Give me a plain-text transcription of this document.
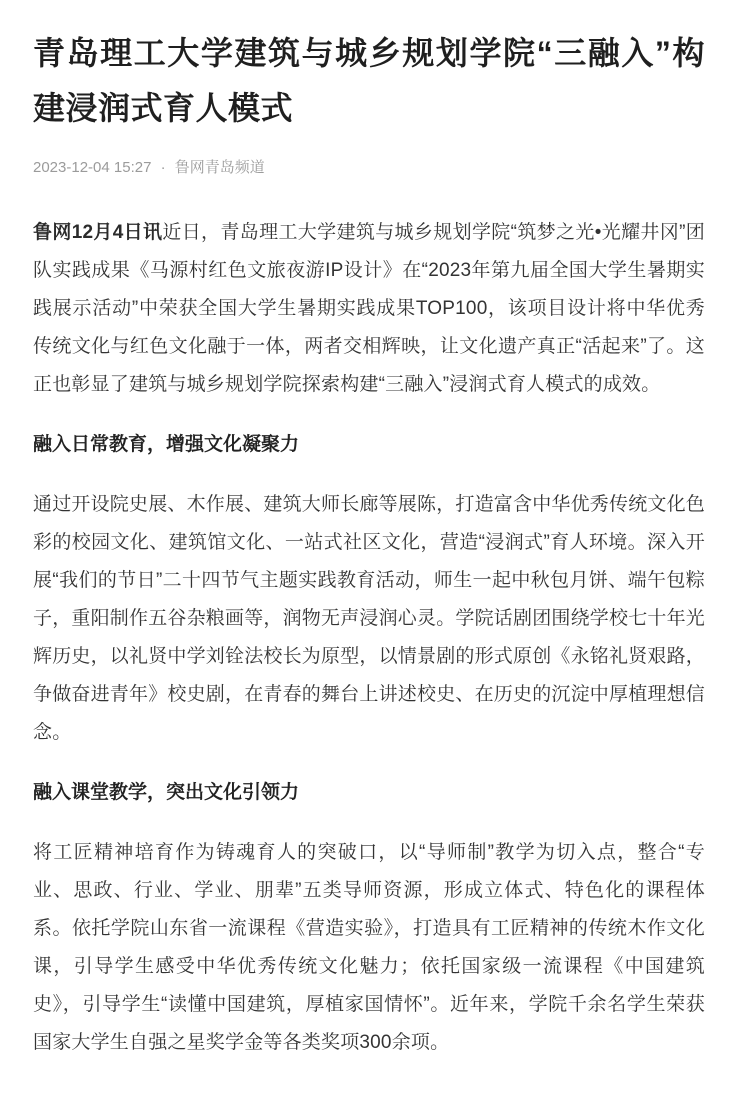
青岛理工大学建筑与城乡规划学院“三融入”构建浸润式育人模式
2023-12-04 15:27 · 鲁网青岛频道

鲁网12月4日讯近日，青岛理工大学建筑与城乡规划学院“筑梦之光•光耀井冈”团队实践成果《马源村红色文旅夜游IP设计》在“2023年第九届全国大学生暑期实践展示活动”中荣获全国大学生暑期实践成果TOP100，该项目设计将中华优秀传统文化与红色文化融于一体，两者交相辉映，让文化遗产真正“活起来”了。这正也彰显了建筑与城乡规划学院探索构建“三融入”浸润式育人模式的成效。

融入日常教育，增强文化凝聚力

通过开设院史展、木作展、建筑大师长廊等展陈，打造富含中华优秀传统文化色彩的校园文化、建筑馆文化、一站式社区文化，营造“浸润式”育人环境。深入开展“我们的节日”二十四节气主题实践教育活动，师生一起中秋包月饼、端午包粽子，重阳制作五谷杂粮画等，润物无声浸润心灵。学院话剧团围绕学校七十年光辉历史，以礼贤中学刘铨法校长为原型，以情景剧的形式原创《永铭礼贤艰路，争做奋进青年》校史剧，在青春的舞台上讲述校史、在历史的沉淀中厚植理想信念。

融入课堂教学，突出文化引领力

将工匠精神培育作为铸魂育人的突破口，以“导师制”教学为切入点，整合“专业、思政、行业、学业、朋辈”五类导师资源，形成立体式、特色化的课程体系。依托学院山东省一流课程《营造实验》，打造具有工匠精神的传统木作文化课，引导学生感受中华优秀传统文化魅力；依托国家级一流课程《中国建筑史》，引导学生“读懂中国建筑，厚植家国情怀”。近年来，学院千余名学生荣获国家大学生自强之星奖学金等各类奖项300余项。
